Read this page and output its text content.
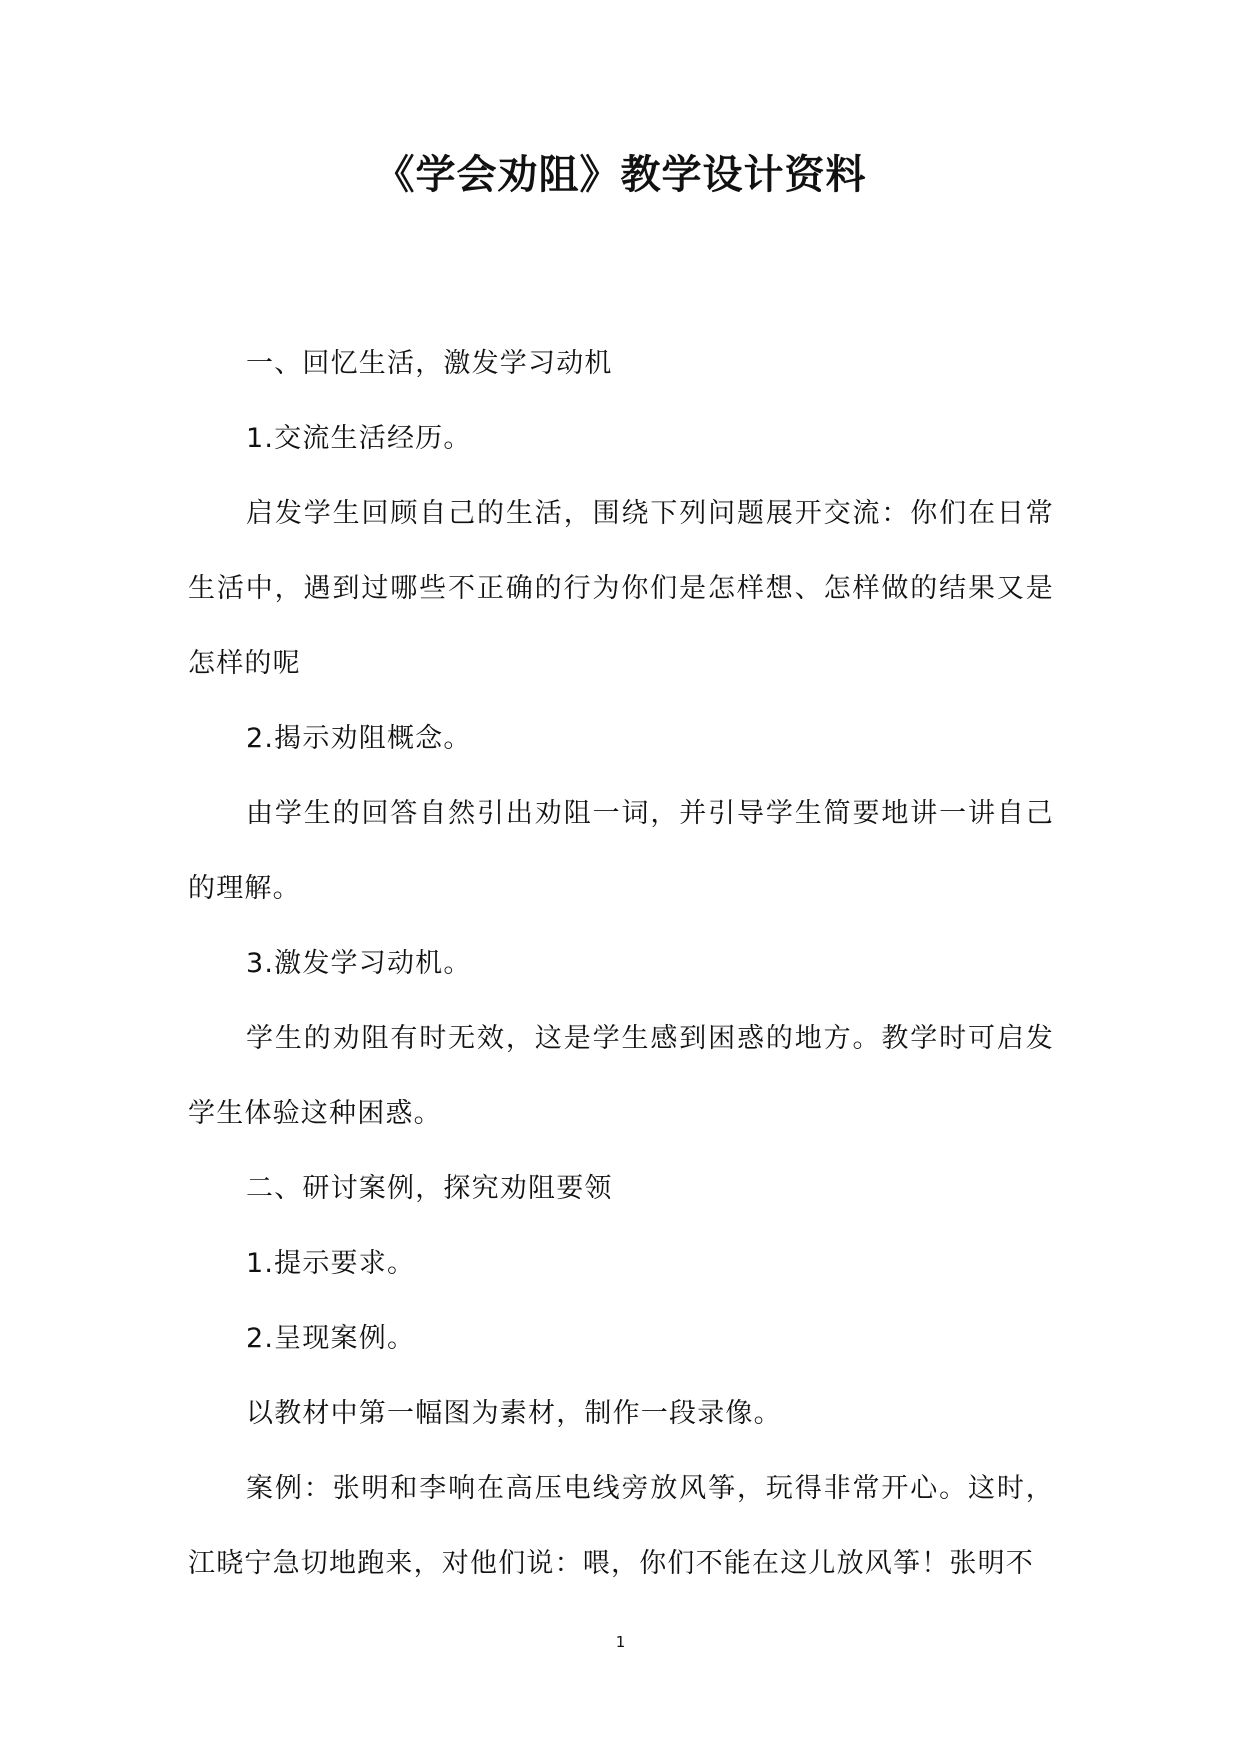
《学会劝阻》教学设计资料

一、回忆生活，激发学习动机

1.交流生活经历。

启发学生回顾自己的生活，围绕下列问题展开交流：你们在日常生活中，遇到过哪些不正确的行为你们是怎样想、怎样做的结果又是怎样的呢

2.揭示劝阻概念。

由学生的回答自然引出劝阻一词，并引导学生简要地讲一讲自己的理解。

3.激发学习动机。

学生的劝阻有时无效，这是学生感到困惑的地方。教学时可启发学生体验这种困惑。

二、研讨案例，探究劝阻要领

1.提示要求。

2.呈现案例。

以教材中第一幅图为素材，制作一段录像。

案例：张明和李响在高压电线旁放风筝，玩得非常开心。这时，江晓宁急切地跑来，对他们说：喂，你们不能在这儿放风筝！张明不

1
